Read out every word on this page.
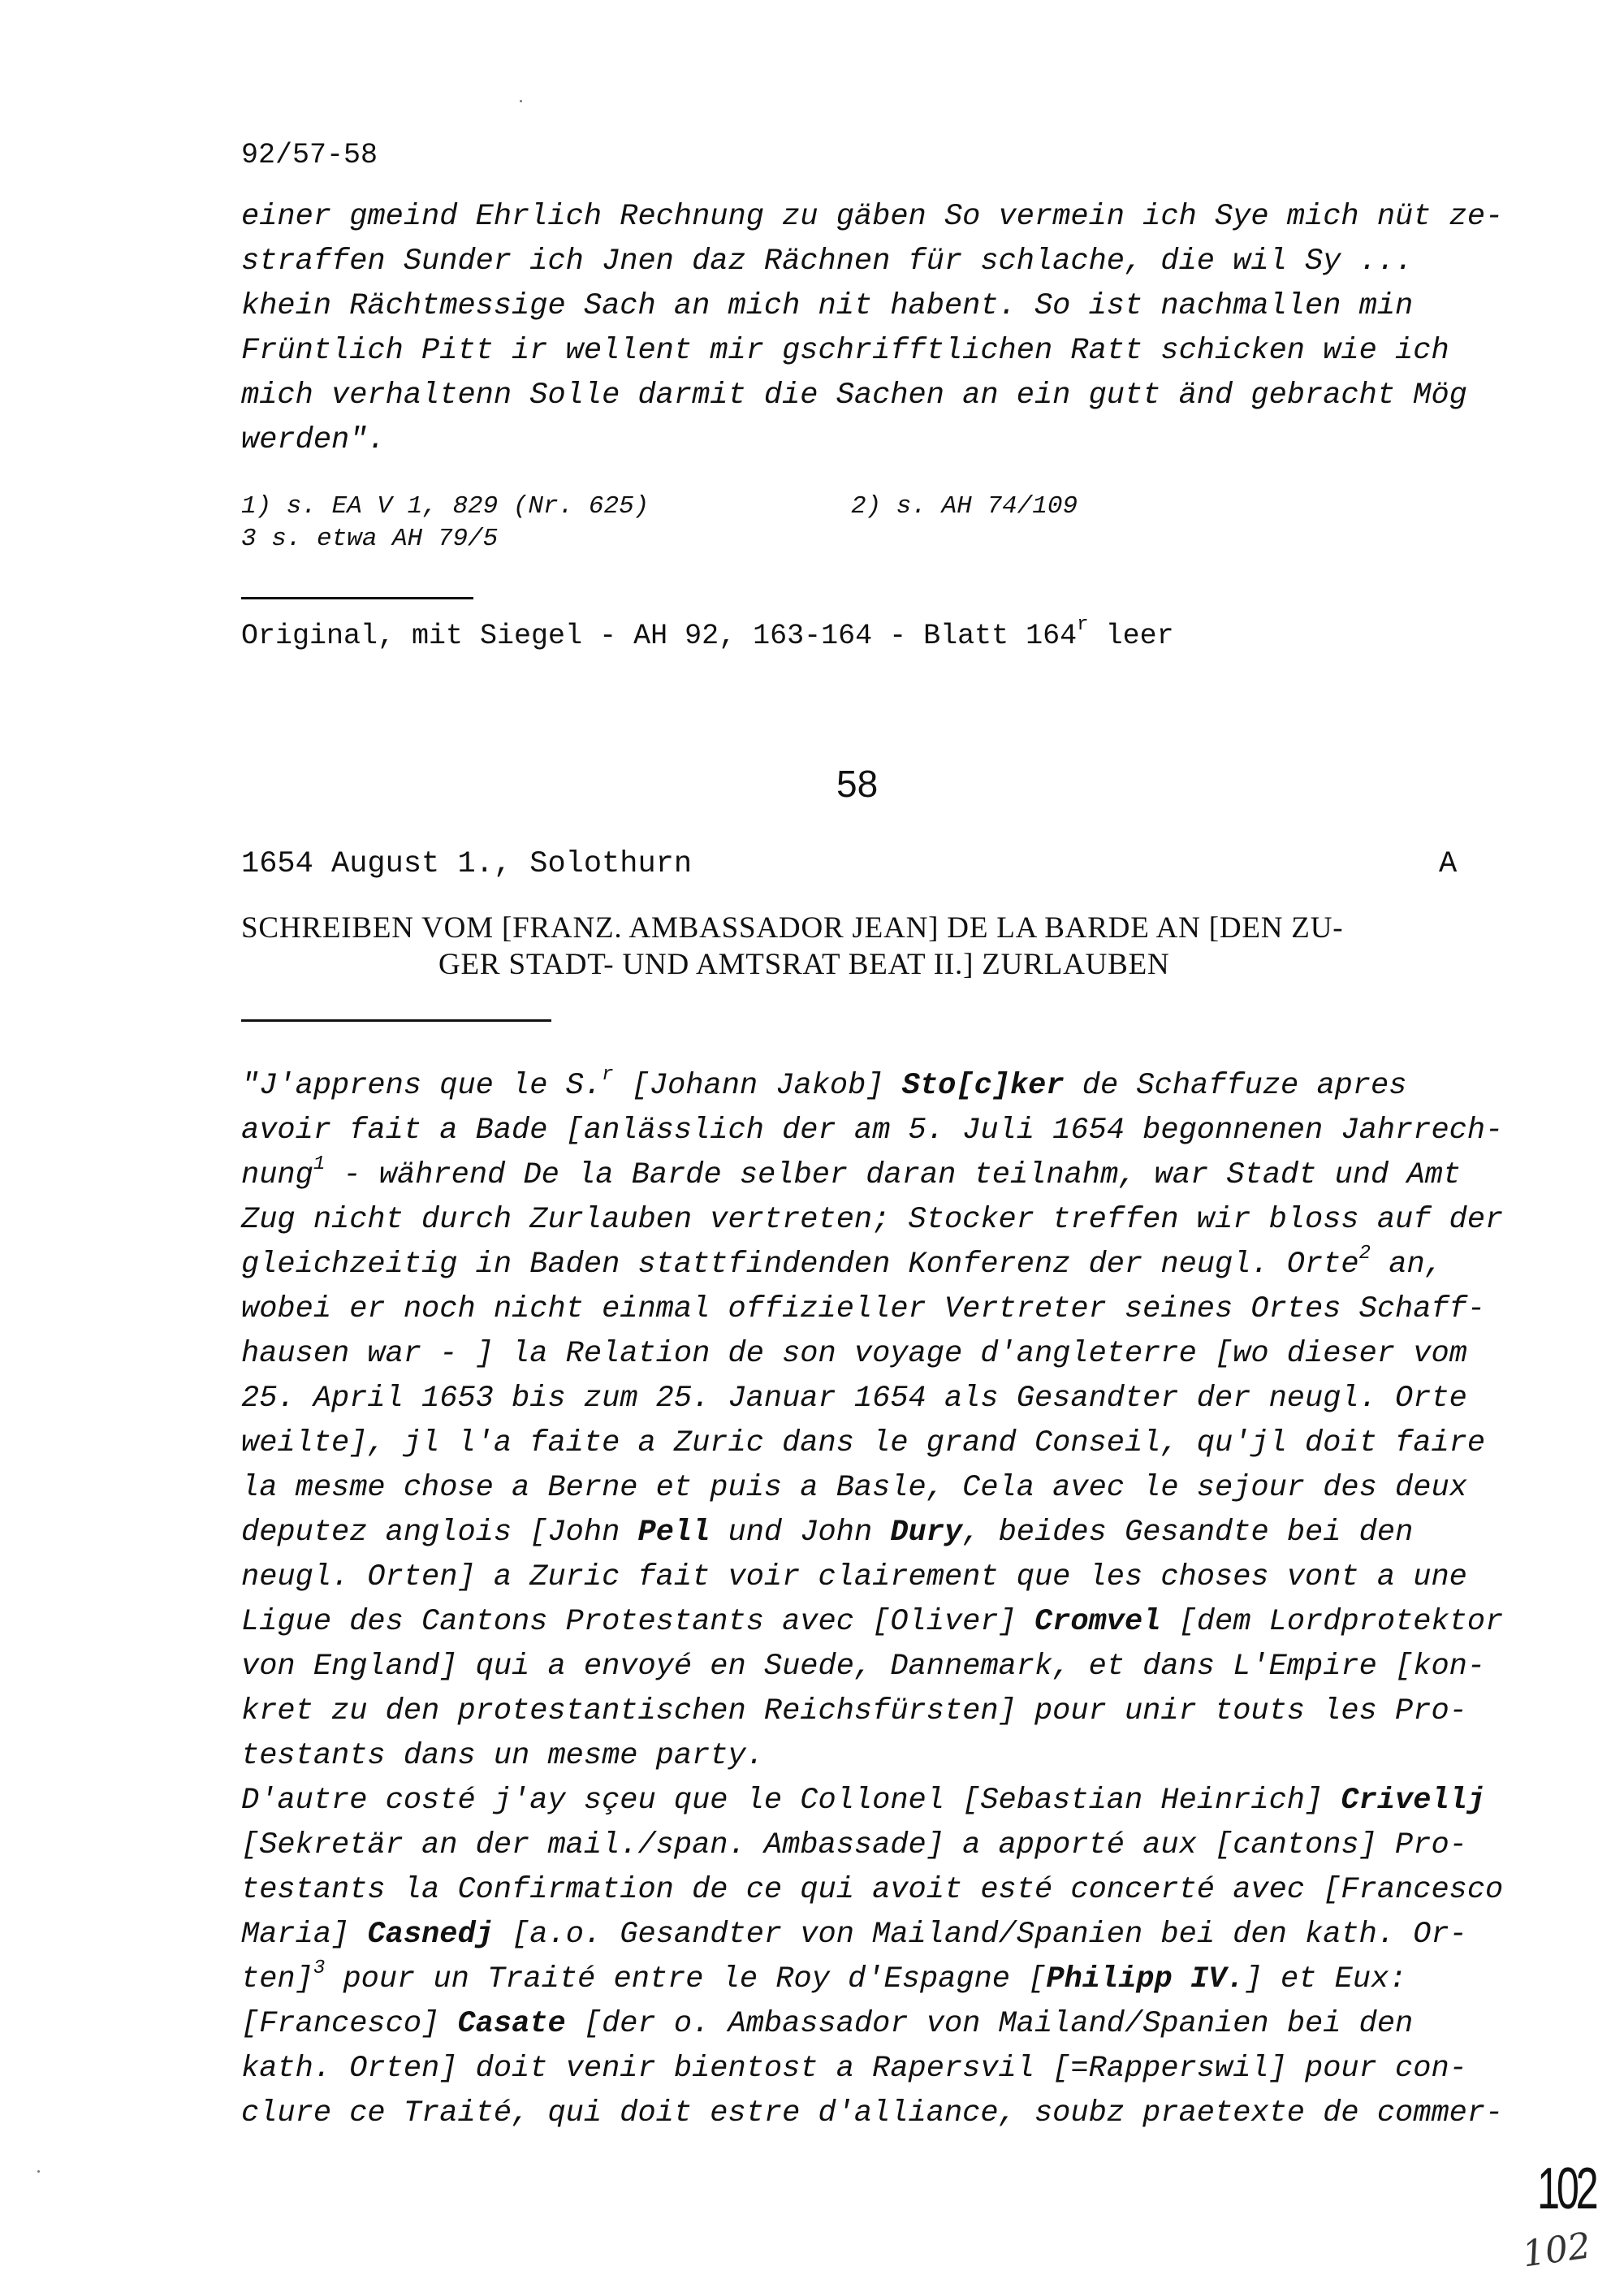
92/57-58
einer gmeind Ehrlich Rechnung zu gäben So vermein ich Sye mich nüt ze-
straffen Sunder ich Jnen daz Rächnen für schlache, die wil Sy ...
khein Rächtmessige Sach an mich nit habent. So ist nachmallen min
Früntlich Pitt ir wellent mir gschrifftlichen Ratt schicken wie ich
mich verhaltenn Solle darmit die Sachen an ein gutt änd gebracht Mög
werden".
1) s. EA V 1, 829 (Nr. 625)	2) s. AH 74/109
3 s. etwa AH 79/5
Original, mit Siegel - AH 92, 163-164 - Blatt 164$^r$ leer
58
1654 August 1., Solothurn	A
SCHREIBEN VOM [FRANZ. AMBASSADOR JEAN] DE LA BARDE AN [DEN ZU-
GER STADT- UND AMTSRAT BEAT II.] ZURLAUBEN
"J'apprens que le S.$^r$ [Johann Jakob] Sto[c]ker de Schaffuze apres
avoir fait a Bade [anlässlich der am 5. Juli 1654 begonnenen Jahrrech-
nung$^1$ - während De la Barde selber daran teilnahm, war Stadt und Amt
Zug nicht durch Zurlauben vertreten; Stocker treffen wir bloss auf der
gleichzeitig in Baden stattfindenden Konferenz der neugl. Orte$^2$ an,
wobei er noch nicht einmal offizieller Vertreter seines Ortes Schaff-
hausen war - ] la Relation de son voyage d'angleterre [wo dieser vom
25. April 1653 bis zum 25. Januar 1654 als Gesandter der neugl. Orte
weilte], jl l'a faite a Zuric dans le grand Conseil, qu'jl doit faire
la mesme chose a Berne et puis a Basle, Cela avec le sejour des deux
deputez anglois [John Pell und John Dury, beides Gesandte bei den
neugl. Orten] a Zuric fait voir clairement que les choses vont a une
Ligue des Cantons Protestants avec [Oliver] Cromvel [dem Lordprotektor
von England] qui a envoyé en Suede, Dannemark, et dans L'Empire [kon-
kret zu den protestantischen Reichsfürsten] pour unir touts les Pro-
testants dans un mesme party.
D'autre costé j'ay sçeu que le Collonel [Sebastian Heinrich] Crivellj
[Sekretär an der mail./span. Ambassade] a apporté aux [cantons] Pro-
testants la Confirmation de ce qui avoit esté concerté avec [Francesco
Maria] Casnedj [a.o. Gesandter von Mailand/Spanien bei den kath. Or-
ten]$^3$ pour un Traité entre le Roy d'Espagne [Philipp IV.] et Eux:
[Francesco] Casate [der o. Ambassador von Mailand/Spanien bei den
kath. Orten] doit venir bientost a Rapersvil [=Rapperswil] pour con-
clure ce Traité, qui doit estre d'alliance, soubz praetexte de commer-
102
102
